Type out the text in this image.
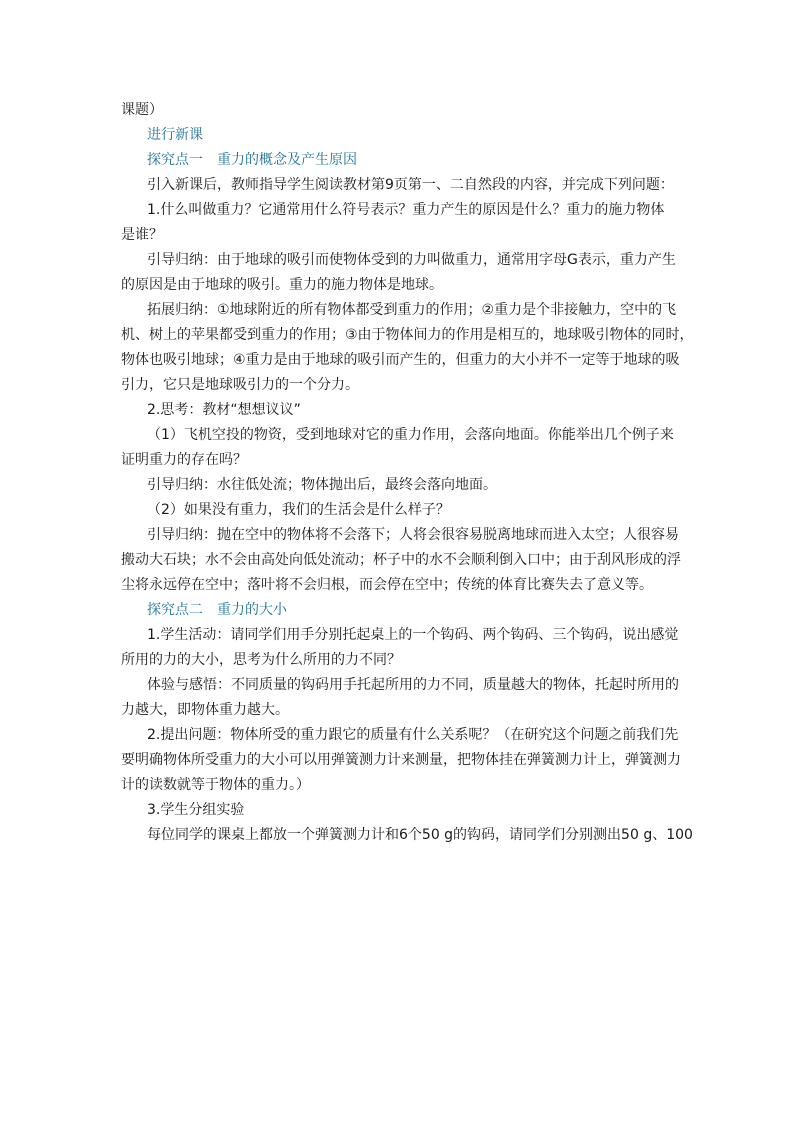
课题）

进行新课

探究点一　重力的概念及产生原因

引入新课后，教师指导学生阅读教材第9页第一、二自然段的内容，并完成下列问题：

1.什么叫做重力？它通常用什么符号表示？重力产生的原因是什么？重力的施力物体

是谁？

引导归纳：由于地球的吸引而使物体受到的力叫做重力，通常用字母G表示，重力产生

的原因是由于地球的吸引。重力的施力物体是地球。

拓展归纳：①地球附近的所有物体都受到重力的作用；②重力是个非接触力，空中的飞

机、树上的苹果都受到重力的作用；③由于物体间力的作用是相互的，地球吸引物体的同时，

物体也吸引地球；④重力是由于地球的吸引而产生的，但重力的大小并不一定等于地球的吸

引力，它只是地球吸引力的一个分力。

2.思考：教材“想想议议”

（1）飞机空投的物资，受到地球对它的重力作用，会落向地面。你能举出几个例子来

证明重力的存在吗？

引导归纳：水往低处流；物体抛出后，最终会落向地面。

（2）如果没有重力，我们的生活会是什么样子？

引导归纳：抛在空中的物体将不会落下；人将会很容易脱离地球而进入太空；人很容易

搬动大石块；水不会由高处向低处流动；杯子中的水不会顺利倒入口中；由于刮风形成的浮

尘将永远停在空中；落叶将不会归根，而会停在空中；传统的体育比赛失去了意义等。

探究点二　重力的大小

1.学生活动：请同学们用手分别托起桌上的一个钩码、两个钩码、三个钩码，说出感觉

所用的力的大小，思考为什么所用的力不同？

体验与感悟：不同质量的钩码用手托起所用的力不同，质量越大的物体，托起时所用的

力越大，即物体重力越大。

2.提出问题：物体所受的重力跟它的质量有什么关系呢？（在研究这个问题之前我们先

要明确物体所受重力的大小可以用弹簧测力计来测量，把物体挂在弹簧测力计上，弹簧测力

计的读数就等于物体的重力。）

3.学生分组实验

每位同学的课桌上都放一个弹簧测力计和6个50 g的钩码，请同学们分别测出50 g、100
